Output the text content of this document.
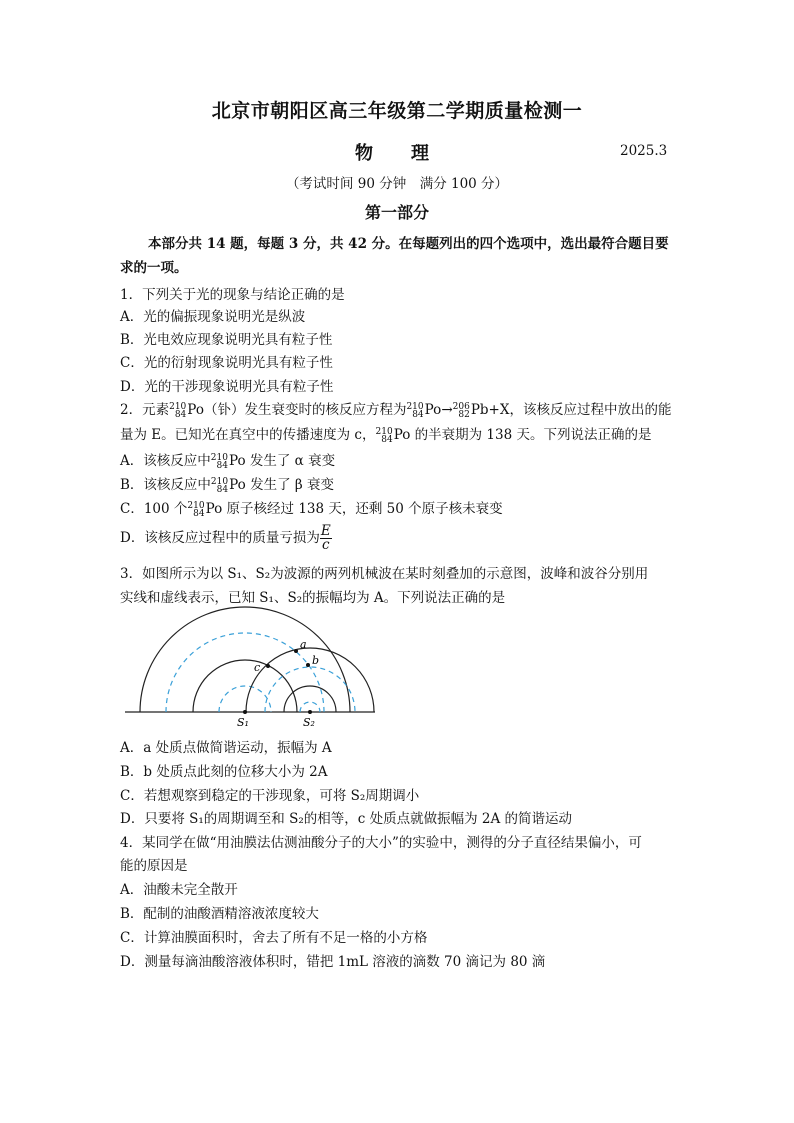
北京市朝阳区高三年级第二学期质量检测一
物　理	2025.3
（考试时间 90 分钟　满分 100 分）
第一部分
本部分共 14 题，每题 3 分，共 42 分。在每题列出的四个选项中，选出最符合题目要
求的一项。
1．下列关于光的现象与结论正确的是
A．光的偏振现象说明光是纵波
B．光电效应现象说明光具有粒子性
C．光的衍射现象说明光具有粒子性
D．光的干涉现象说明光具有粒子性
2．元素 210
84 Po（钋）发生衰变时的核反应方程为 210
84 Po→ 206
82 Pb+X，该核反应过程中放出的能
量为 E。已知光在真空中的传播速度为 c， 210
84 Po 的半衰期为 138 天。下列说法正确的是
A．该核反应中 210
84 Po 发生了 α 衰变
B．该核反应中 210
84 Po 发生了 β 衰变
C．100 个 210
84 Po 原子核经过 138 天，还剩 50 个原子核未衰变
D．该核反应过程中的质量亏损为 $\frac{E}{c}$
3．如图所示为以 S₁、S₂为波源的两列机械波在某时刻叠加的示意图，波峰和波谷分别用
实线和虚线表示，已知 S₁、S₂的振幅均为 A。下列说法正确的是
a
b
c
S₁	S₂
A．a 处质点做简谐运动，振幅为 A
B．b 处质点此刻的位移大小为 2A
C．若想观察到稳定的干涉现象，可将 S₂周期调小
D．只要将 S₁的周期调至和 S₂的相等，c 处质点就做振幅为 2A 的简谐运动
4．某同学在做“用油膜法估测油酸分子的大小”的实验中，测得的分子直径结果偏小，可
能的原因是
A．油酸未完全散开
B．配制的油酸酒精溶液浓度较大
C．计算油膜面积时，舍去了所有不足一格的小方格
D．测量每滴油酸溶液体积时，错把 1mL 溶液的滴数 70 滴记为 80 滴
